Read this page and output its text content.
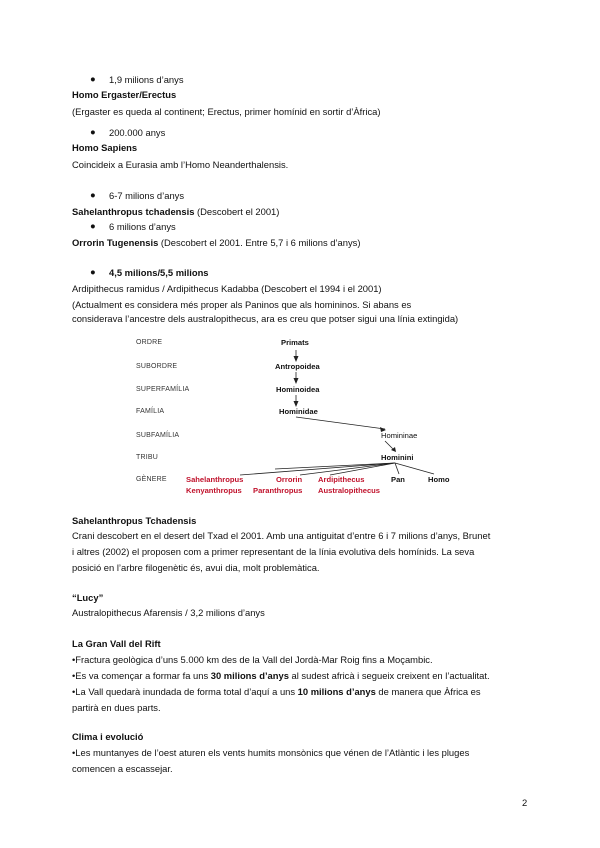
● 1,9 milions d’anys
Homo Ergaster/Erectus
(Ergaster es queda al continent; Erectus, primer homínid en sortir d’Àfrica)
● 200.000 anys
Homo Sapiens
Coincideix a Eurasia amb l’Homo Neanderthalensis.
● 6-7 milions d’anys
Sahelanthropus tchadensis (Descobert el 2001)
● 6 milions d’anys
Orrorin Tugenensis (Descobert el 2001. Entre 5,7 i 6 milions d’anys)
● 4,5 milions/5,5 milions
Ardipithecus ramidus / Ardipithecus Kadabba (Descobert el 1994 i el 2001)
(Actualment es considera més proper als Paninos que als homininos. Si abans es
considerava l’ancestre dels australopithecus, ara es creu que potser sigui una línia extingida)
ORDRE
SUBORDRE
SUPERFAMÍLIA
FAMÍLIA
SUBFAMÍLIA
TRIBU
GÈNERE
Primats
Antropoidea
Hominoidea
Hominidae
Homininae
Hominini
Sahelanthropus	Orrorin Ardipithecus
Kenyanthropus Paranthropus Australopithecus
Pan	Homo
Sahelanthropus Tchadensis
Crani descobert en el desert del Txad el 2001. Amb una antiguitat d’entre 6 i 7 milions d’anys, Brunet
i altres (2002) el proposen com a primer representant de la línia evolutiva dels homínids. La seva
posició en l’arbre filogenètic és, avui dia, molt problemàtica.
“Lucy”
Australopithecus Afarensis / 3,2 milions d’anys
La Gran Vall del Rift
•Fractura geològica d’uns 5.000 km des de la Vall del Jordà-Mar Roig fins a Moçambic.
•Es va començar a formar fa uns 30 milions d’anys al sudest africà i segueix creixent en l’actualitat.
•La Vall quedarà inundada de forma total d’aquí a uns 10 milions d’anys de manera que Àfrica es
partirà en dues parts.
Clima i evolució
•Les muntanyes de l’oest aturen els vents humits monsònics que vénen de l’Atlàntic i les pluges
comencen a escassejar.
2
